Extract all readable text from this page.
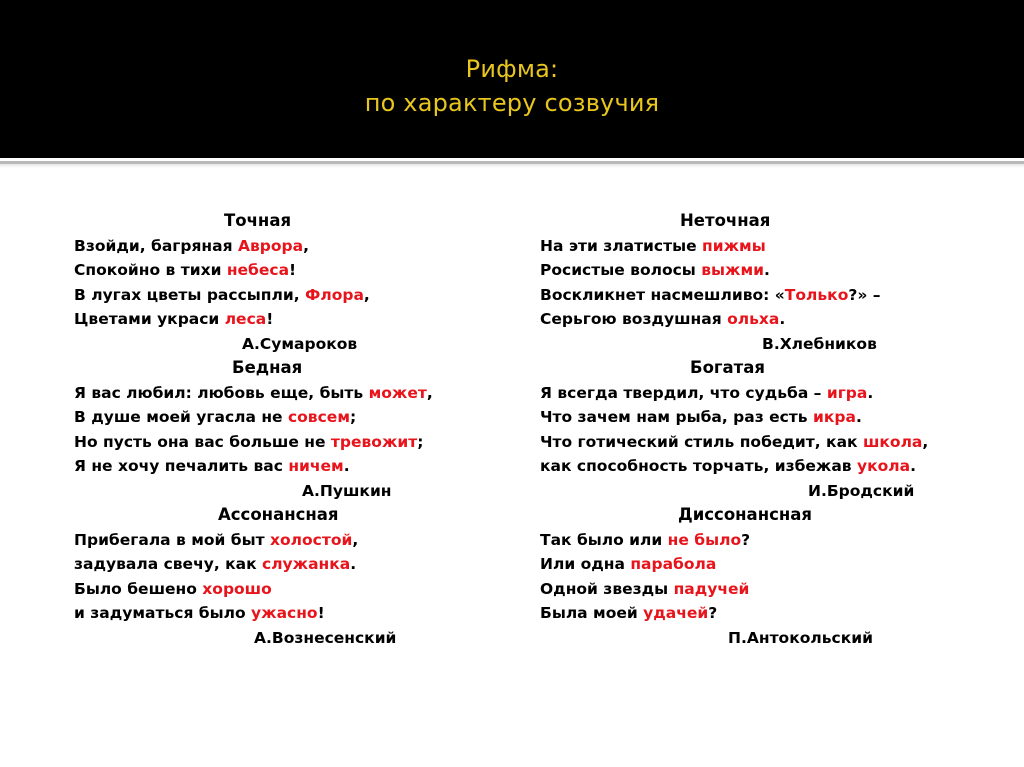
Рифма:
по характеру созвучия
Точная
Взойди, багряная Аврора,
Спокойно в тихи небеса!
В лугах цветы рассыпли, Флора,
Цветами украси леса!
А.Сумароков
Бедная
Я вас любил: любовь еще, быть может,
В душе моей угасла не совсем;
Но пусть она вас больше не тревожит;
Я не хочу печалить вас ничем.
А.Пушкин
Ассонансная
Прибегала в мой быт холостой,
задувала свечу, как служанка.
Было бешено хорошо
и задуматься было ужасно!
А.Вознесенский
Неточная
На эти златистые пижмы
Росистые волосы выжми.
Воскликнет насмешливо: «Только?» –
Серьгою воздушная ольха.
В.Хлебников
Богатая
Я всегда твердил, что судьба – игра.
Что зачем нам рыба, раз есть икра.
Что готический стиль победит, как школа,
как способность торчать, избежав укола.
И.Бродский
Диссонансная
Так было или не было?
Или одна парабола
Одной звезды падучей
Была моей удачей?
П.Антокольский
